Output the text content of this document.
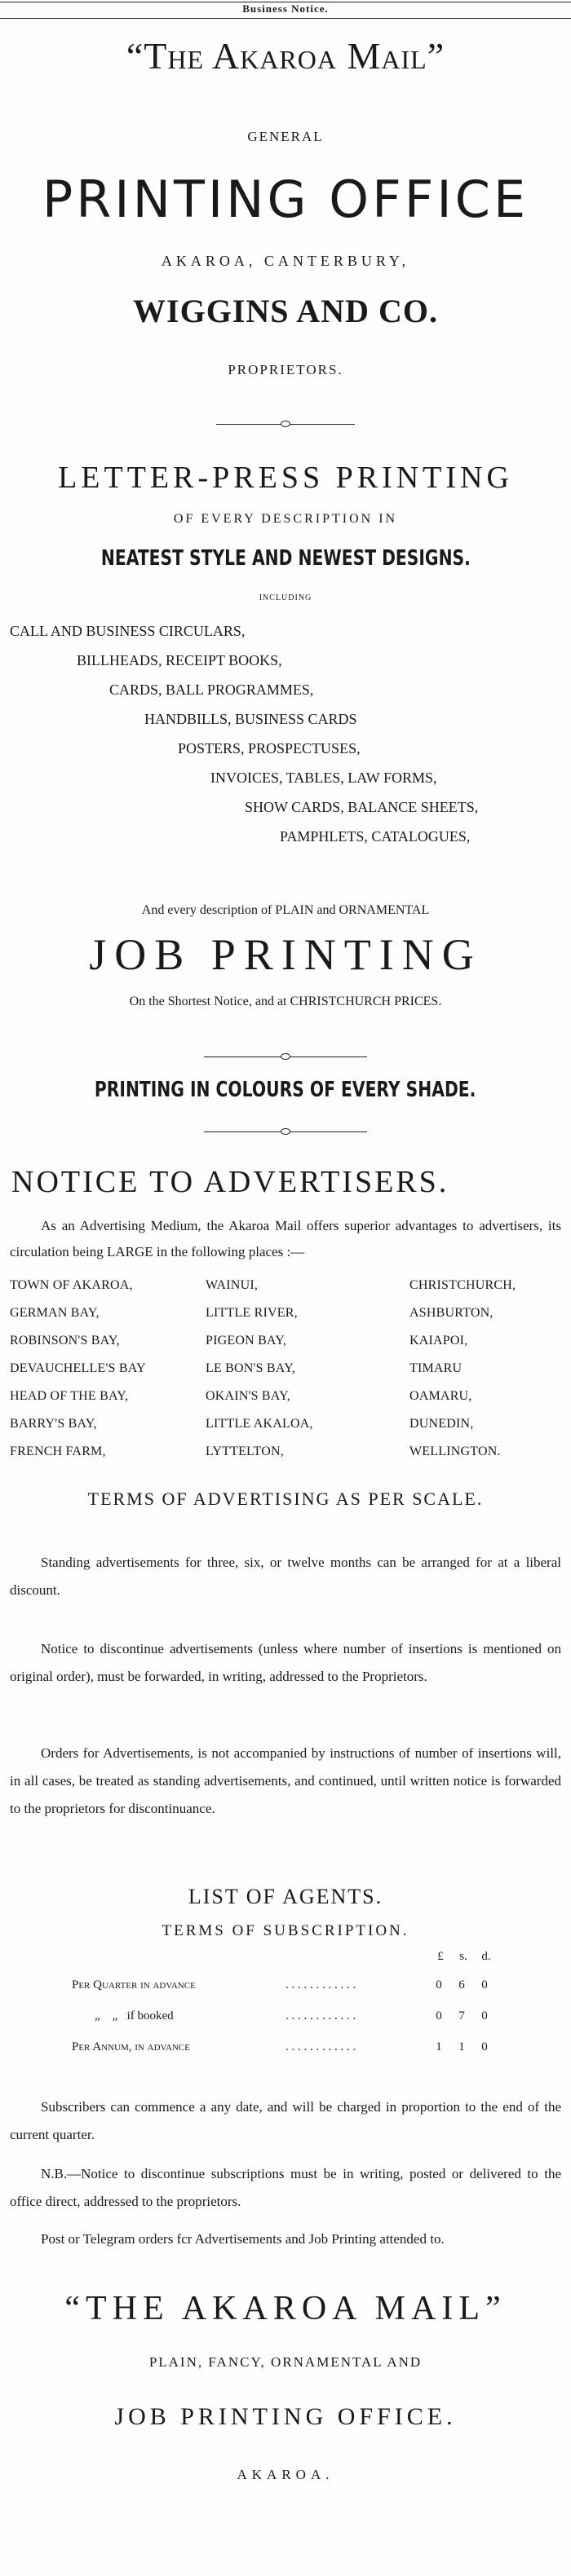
Business Notice.
“The Akaroa Mail”
GENERAL
PRINTING OFFICE
AKAROA, CANTERBURY,
WIGGINS AND CO.
PROPRIETORS.
LETTER-PRESS PRINTING
OF EVERY DESCRIPTION IN
NEATEST STYLE AND NEWEST DESIGNS.
INCLUDING
CALL AND BUSINESS CIRCULARS,
BILLHEADS, RECEIPT BOOKS,
CARDS, BALL PROGRAMMES,
HANDBILLS, BUSINESS CARDS
POSTERS, PROSPECTUSES,
INVOICES, TABLES, LAW FORMS,
SHOW CARDS, BALANCE SHEETS,
PAMPHLETS, CATALOGUES,
And every description of PLAIN and ORNAMENTAL
JOB PRINTING
On the Shortest Notice, and at CHRISTCHURCH PRICES.
PRINTING IN COLOURS OF EVERY SHADE.
NOTICE TO ADVERTISERS.
As an Advertising Medium, the Akaroa Mail offers superior advantages to advertisers, its circulation being LARGE in the following places :—
TOWN OF AKAROA,	WAINUI,	CHRISTCHURCH,
GERMAN BAY,	LITTLE RIVER,	ASHBURTON,
ROBINSON'S BAY,	PIGEON BAY,	KAIAPOI,
DEVAUCHELLE'S BAY	LE BON'S BAY,	TIMARU
HEAD OF THE BAY,	OKAIN'S BAY,	OAMARU,
BARRY'S BAY,	LITTLE AKALOA,	DUNEDIN,
FRENCH FARM,	LYTTELTON,	WELLINGTON.
TERMS OF ADVERTISING AS PER SCALE.
Standing advertisements for three, six, or twelve months can be arranged for at a liberal discount.
Notice to discontinue advertisements (unless where number of insertions is mentioned on original order), must be forwarded, in writing, addressed to the Proprietors.
Orders for Advertisements, is not accompanied by instructions of number of insertions will, in all cases, be treated as standing advertisements, and continued, until written notice is forwarded to the proprietors for discontinuance.
LIST OF AGENTS.
TERMS OF SUBSCRIPTION.
£	s.	d.
Per Quarter in advance	. . . . . . . . . . . .	0	6	0
„    „   if booked	. . . . . . . . . . . .	0	7	0
Per Annum, in advance	. . . . . . . . . . . .	1	1	0
Subscribers can commence a any date, and will be charged in proportion to the end of the current quarter.
N.B.—Notice to discontinue subscriptions must be in writing, posted or delivered to the office direct, addressed to the proprietors.
Post or Telegram orders fcr Advertisements and Job Printing attended to.
“THE AKAROA MAIL”
PLAIN, FANCY, ORNAMENTAL AND
JOB PRINTING OFFICE.
AKAROA.
